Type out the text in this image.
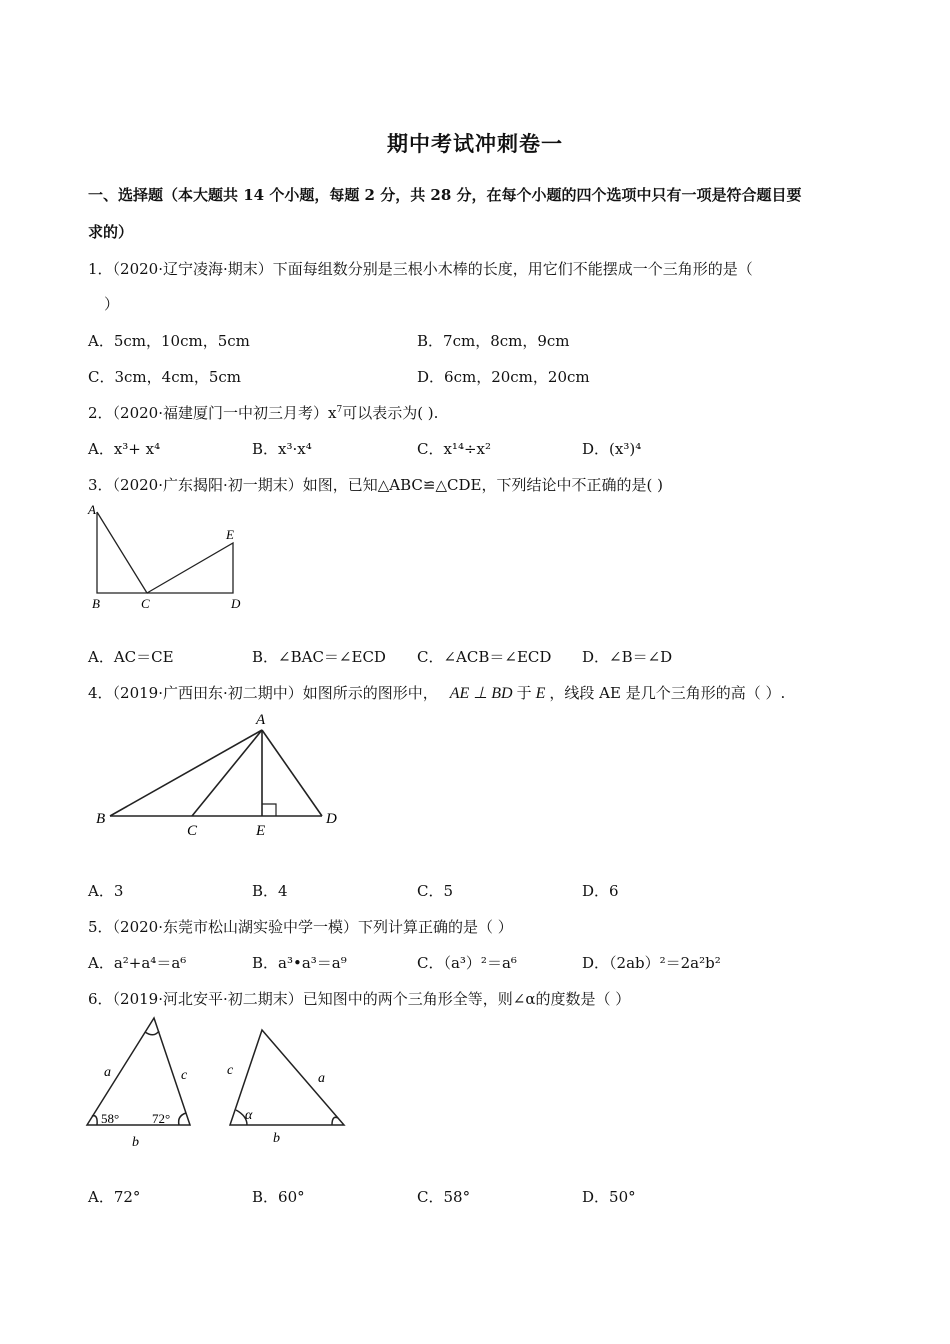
期中考试冲刺卷一
一、选择题（本大题共 14 个小题，每题 2 分，共 28 分，在每个小题的四个选项中只有一项是符合题目要
求的）
1．（2020·辽宁凌海·期末）下面每组数分别是三根小木棒的长度，用它们不能摆成一个三角形的是（
）
A．5cm，10cm，5cm	B．7cm，8cm，9cm
C．3cm，4cm，5cm	D．6cm，20cm，20cm
2．（2020·福建厦门一中初三月考）$x^7$可以表示为( ).
A．x³+ x⁴	B．x³·x⁴	C．x¹⁴÷x²	D．(x³)⁴
3．（2020·广东揭阳·初一期末）如图，已知△ABC≌△CDE，下列结论中不正确的是( )
A
B	C	D
E
A．AC＝CE	B．∠BAC＝∠ECD C．∠ACB＝∠ECD D．∠B＝∠D
4．（2019·广西田东·初二期中）如图所示的图形中， AE ⊥ BD 于 E ，线段 AE 是几个三角形的高（ ）.
A
B
C	E
D
A．3	B．4	C．5	D．6
5．（2020·东莞市松山湖实验中学一模）下列计算正确的是（ ）
A．a²+a⁴＝a⁶	B．a³•a³＝a⁹	C．（a³）²＝a⁶	D．（2ab）²＝2a²b²
6．（2019·河北安平·初二期末）已知图中的两个三角形全等，则∠α的度数是（ ）
a	c
b
58°	72°
c
a
b
α
A．72°	B．60°	C．58°	D．50°
